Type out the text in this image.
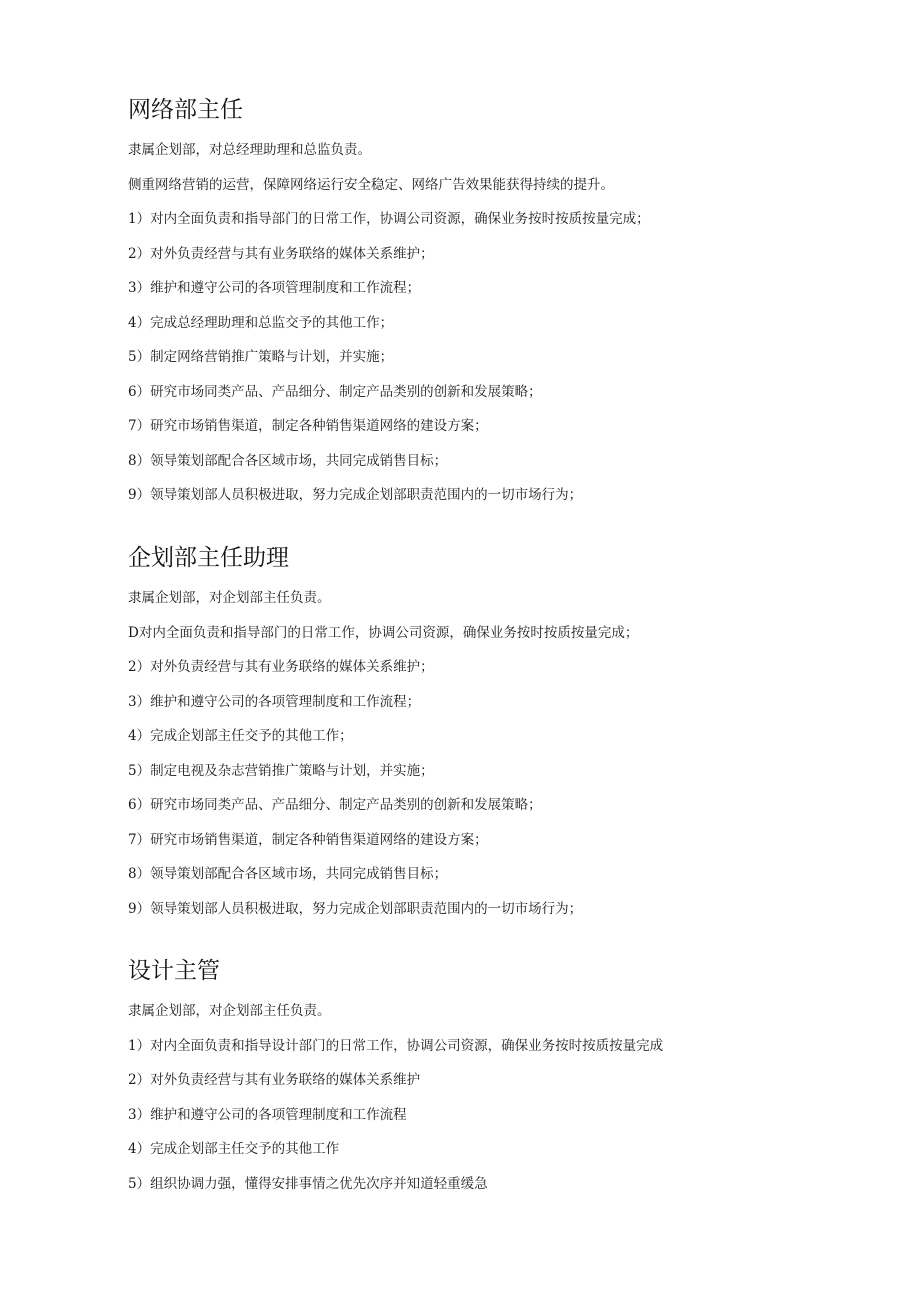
网络部主任
隶属企划部，对总经理助理和总监负责。
侧重网络营销的运营，保障网络运行安全稳定、网络广告效果能获得持续的提升。
1）对内全面负责和指导部门的日常工作，协调公司资源，确保业务按时按质按量完成；
2）对外负责经营与其有业务联络的媒体关系维护；
3）维护和遵守公司的各项管理制度和工作流程；
4）完成总经理助理和总监交予的其他工作；
5）制定网络营销推广策略与计划，并实施；
6）研究市场同类产品、产品细分、制定产品类别的创新和发展策略；
7）研究市场销售渠道，制定各种销售渠道网络的建设方案；
8）领导策划部配合各区域市场，共同完成销售目标；
9）领导策划部人员积极进取，努力完成企划部职责范围内的一切市场行为；
企划部主任助理
隶属企划部，对企划部主任负责。
D对内全面负责和指导部门的日常工作，协调公司资源，确保业务按时按质按量完成；
2）对外负责经营与其有业务联络的媒体关系维护；
3）维护和遵守公司的各项管理制度和工作流程；
4）完成企划部主任交予的其他工作；
5）制定电视及杂志营销推广策略与计划，并实施；
6）研究市场同类产品、产品细分、制定产品类别的创新和发展策略；
7）研究市场销售渠道，制定各种销售渠道网络的建设方案；
8）领导策划部配合各区域市场，共同完成销售目标；
9）领导策划部人员积极进取，努力完成企划部职责范围内的一切市场行为；
设计主管
隶属企划部，对企划部主任负责。
1）对内全面负责和指导设计部门的日常工作，协调公司资源，确保业务按时按质按量完成
2）对外负责经营与其有业务联络的媒体关系维护
3）维护和遵守公司的各项管理制度和工作流程
4）完成企划部主任交予的其他工作
5）组织协调力强，懂得安排事情之优先次序并知道轻重缓急
